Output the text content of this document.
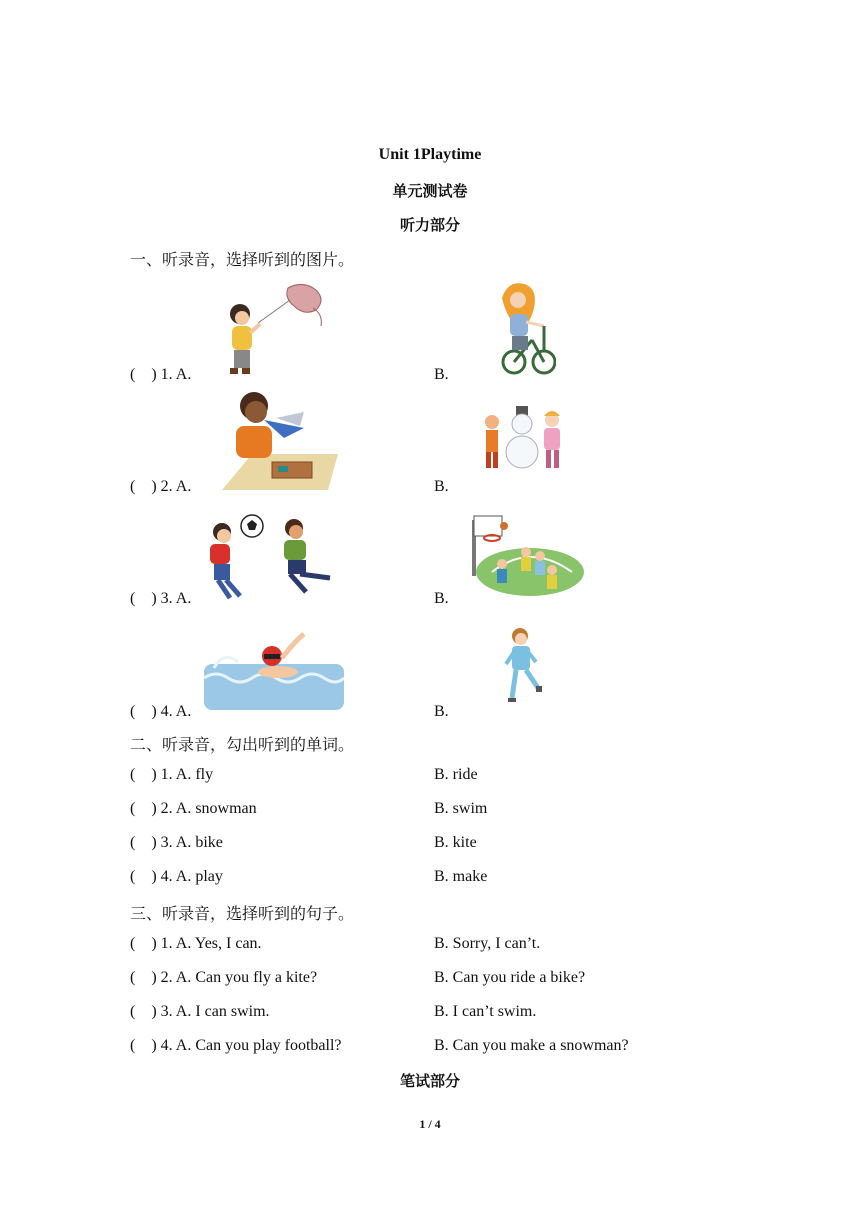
Unit 1Playtime
单元测试卷
听力部分
一、听录音，选择听到的图片。
(    ) 1. A.	B.
(    ) 2. A.	B.
(    ) 3. A.	B.
(    ) 4. A.	B.
二、听录音，勾出听到的单词。
(    ) 1. A. fly	B. ride
(    ) 2. A. snowman	B. swim
(    ) 3. A. bike	B. kite
(    ) 4. A. play	B. make
三、听录音，选择听到的句子。
(    ) 1. A. Yes, I can.	B. Sorry, I can’t.
(    ) 2. A. Can you fly a kite?	B. Can you ride a bike?
(    ) 3. A. I can swim.	B. I can’t swim.
(    ) 4. A. Can you play football?	B. Can you make a snowman?
笔试部分
1 / 4
